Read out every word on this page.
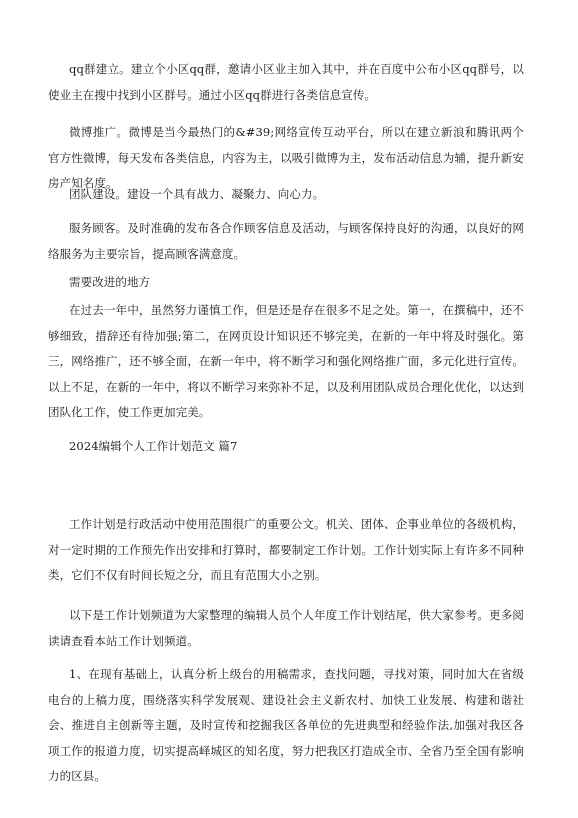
qq群建立。建立个小区qq群，邀请小区业主加入其中，并在百度中公布小区qq群号，以使业主在搜中找到小区群号。通过小区qq群进行各类信息宣传。

微博推广。微博是当今最热门的&#39;网络宣传互动平台，所以在建立新浪和腾讯两个官方性微博，每天发布各类信息，内容为主，以吸引微博为主，发布活动信息为辅，提升新安房产知名度。

团队建设。建设一个具有战力、凝聚力、向心力。

服务顾客。及时准确的发布各合作顾客信息及活动，与顾客保持良好的沟通，以良好的网络服务为主要宗旨，提高顾客满意度。

需要改进的地方

在过去一年中，虽然努力谨慎工作，但是还是存在很多不足之处。第一，在撰稿中，还不够细致，措辞还有待加强;第二，在网页设计知识还不够完美，在新的一年中将及时强化。第三，网络推广，还不够全面，在新一年中，将不断学习和强化网络推广面，多元化进行宣传。以上不足，在新的一年中，将以不断学习来弥补不足，以及利用团队成员合理化优化，以达到团队化工作，使工作更加完美。

2024编辑个人工作计划范文 篇7

工作计划是行政活动中使用范围很广的重要公文。机关、团体、企事业单位的各级机构，对一定时期的工作预先作出安排和打算时，都要制定工作计划。工作计划实际上有许多不同种类，它们不仅有时间长短之分，而且有范围大小之别。

以下是工作计划频道为大家整理的编辑人员个人年度工作计划结尾，供大家参考。更多阅读请查看本站工作计划频道。

1、在现有基础上，认真分析上级台的用稿需求，查找问题，寻找对策，同时加大在省级电台的上稿力度，围绕落实科学发展观、建设社会主义新农村、加快工业发展、构建和谐社会、推进自主创新等主题，及时宣传和挖掘我区各单位的先进典型和经验作法,加强对我区各项工作的报道力度，切实提高峄城区的知名度，努力把我区打造成全市、全省乃至全国有影响力的区县。
